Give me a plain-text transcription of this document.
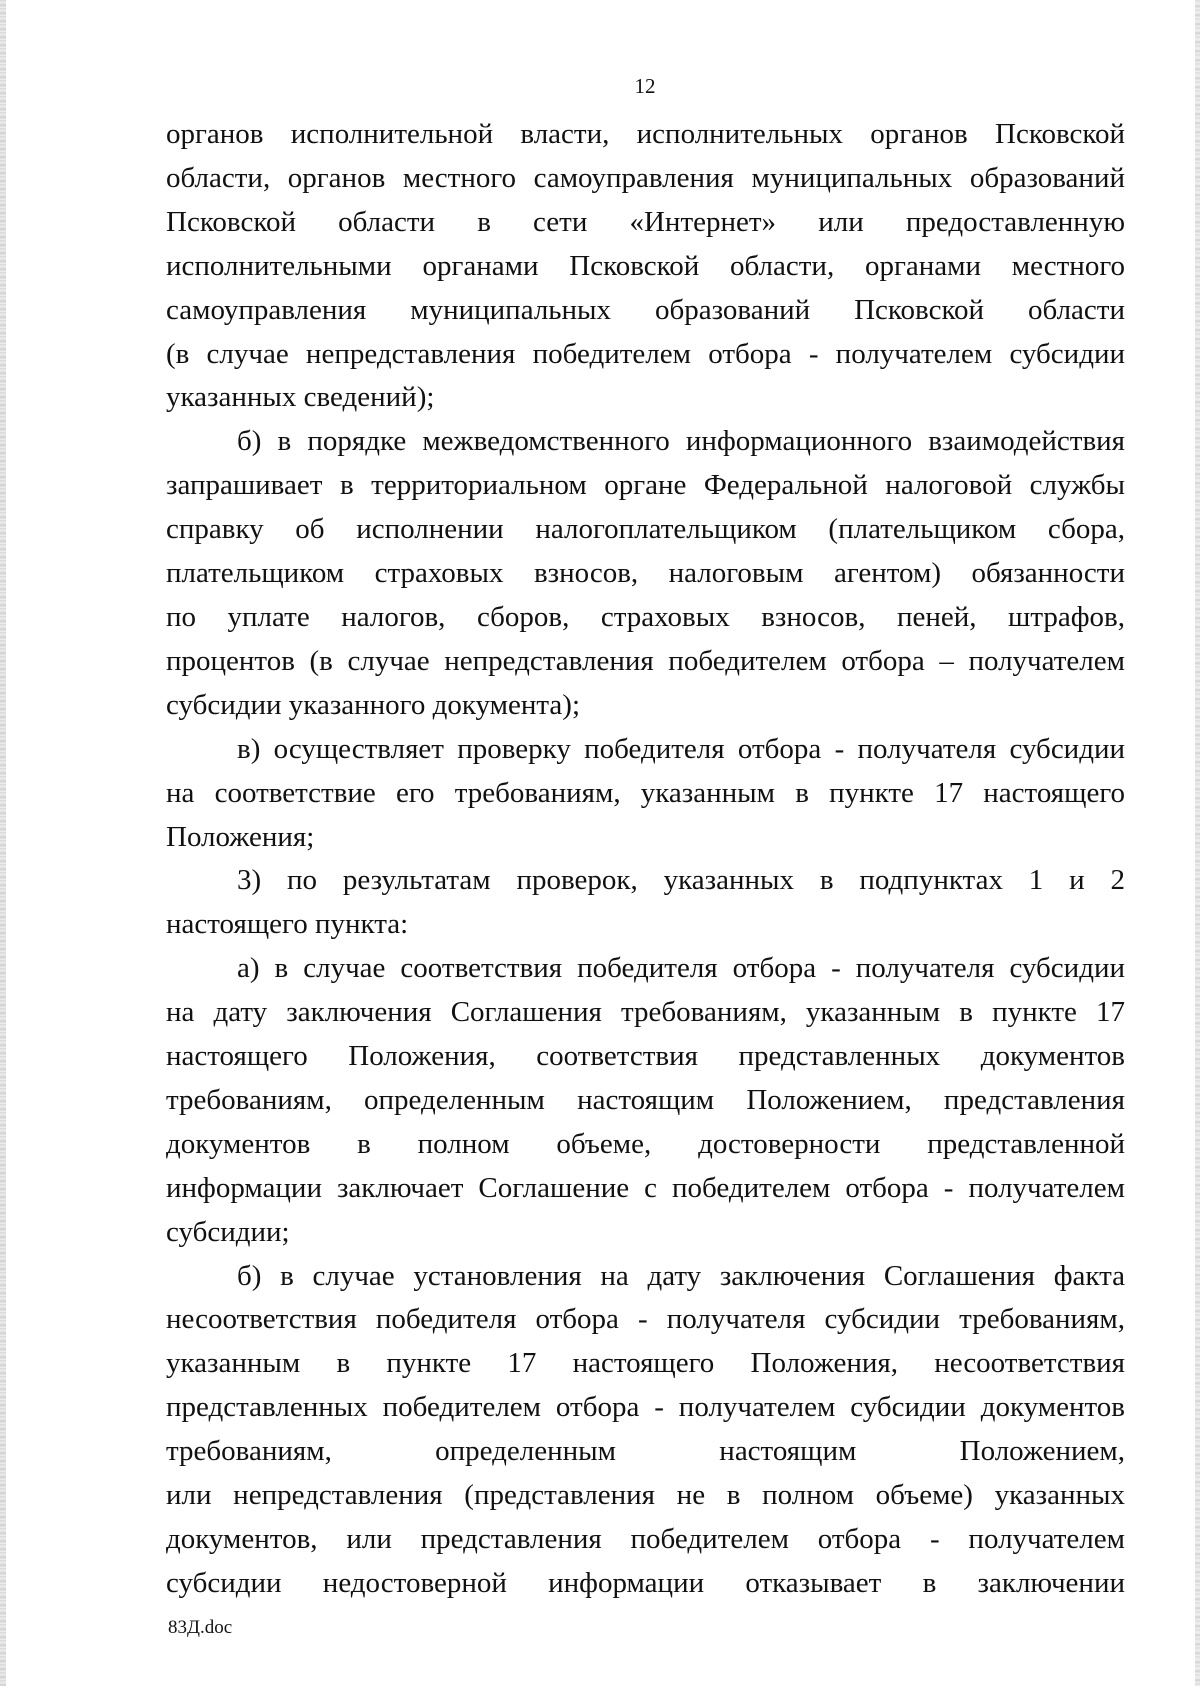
12
органов исполнительной власти, исполнительных органов Псковской
области, органов местного самоуправления муниципальных образований
Псковской области в сети «Интернет» или предоставленную
исполнительными органами Псковской области, органами местного
самоуправления муниципальных образований Псковской области
(в случае непредставления победителем отбора - получателем субсидии
указанных сведений);
б) в порядке межведомственного информационного взаимодействия
запрашивает в территориальном органе Федеральной налоговой службы
справку об исполнении налогоплательщиком (плательщиком сбора,
плательщиком страховых взносов, налоговым агентом) обязанности
по уплате налогов, сборов, страховых взносов, пеней, штрафов,
процентов (в случае непредставления победителем отбора – получателем
субсидии указанного документа);
в) осуществляет проверку победителя отбора - получателя субсидии
на соответствие его требованиям, указанным в пункте 17 настоящего
Положения;
3) по результатам проверок, указанных в подпунктах 1 и 2
настоящего пункта:
а) в случае соответствия победителя отбора - получателя субсидии
на дату заключения Соглашения требованиям, указанным в пункте 17
настоящего Положения, соответствия представленных документов
требованиям, определенным настоящим Положением, представления
документов в полном объеме, достоверности представленной
информации заключает Соглашение с победителем отбора - получателем
субсидии;
б) в случае установления на дату заключения Соглашения факта
несоответствия победителя отбора - получателя субсидии требованиям,
указанным в пункте 17 настоящего Положения, несоответствия
представленных победителем отбора - получателем субсидии документов
требованиям, определенным настоящим Положением,
или непредставления (представления не в полном объеме) указанных
документов, или представления победителем отбора - получателем
субсидии недостоверной информации отказывает в заключении
83Д.doc
